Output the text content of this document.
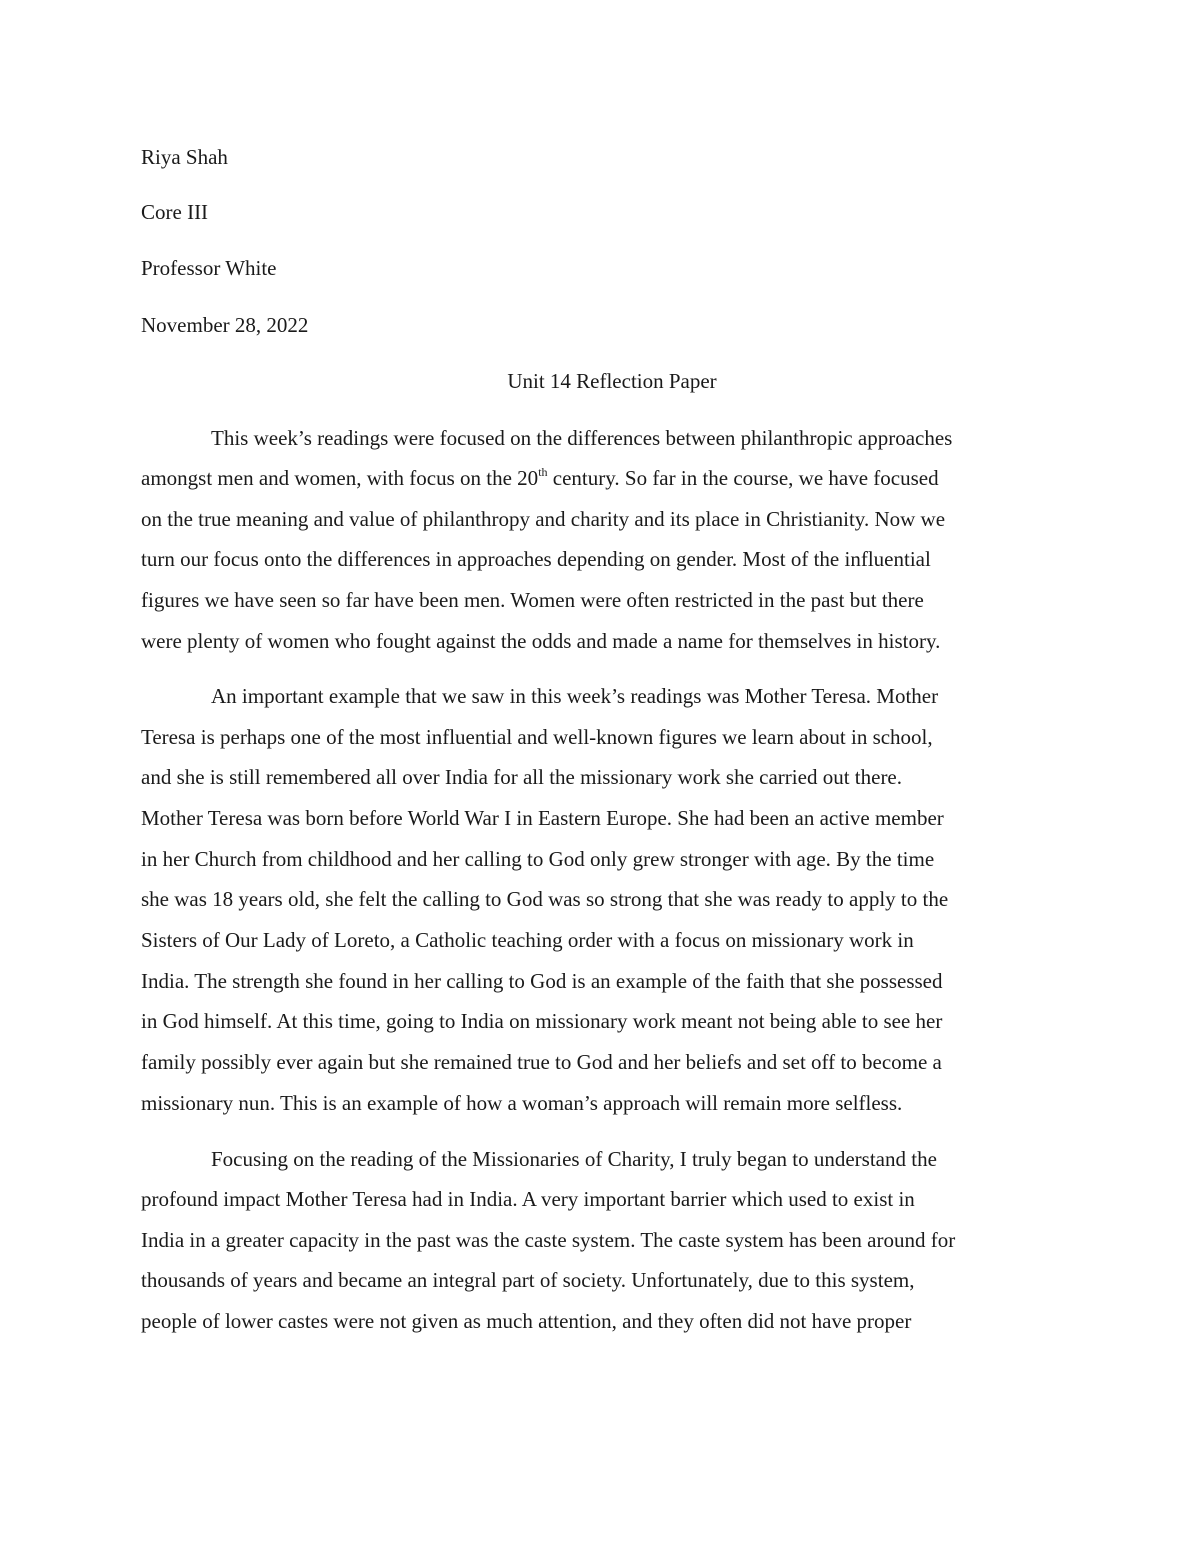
Riya Shah
Core III
Professor White
November 28, 2022
Unit 14 Reflection Paper
This week’s readings were focused on the differences between philanthropic approaches
amongst men and women, with focus on the 20th century. So far in the course, we have focused
on the true meaning and value of philanthropy and charity and its place in Christianity. Now we
turn our focus onto the differences in approaches depending on gender. Most of the influential
figures we have seen so far have been men. Women were often restricted in the past but there
were plenty of women who fought against the odds and made a name for themselves in history.
An important example that we saw in this week’s readings was Mother Teresa. Mother
Teresa is perhaps one of the most influential and well-known figures we learn about in school,
and she is still remembered all over India for all the missionary work she carried out there.
Mother Teresa was born before World War I in Eastern Europe. She had been an active member
in her Church from childhood and her calling to God only grew stronger with age. By the time
she was 18 years old, she felt the calling to God was so strong that she was ready to apply to the
Sisters of Our Lady of Loreto, a Catholic teaching order with a focus on missionary work in
India. The strength she found in her calling to God is an example of the faith that she possessed
in God himself. At this time, going to India on missionary work meant not being able to see her
family possibly ever again but she remained true to God and her beliefs and set off to become a
missionary nun. This is an example of how a woman’s approach will remain more selfless.
Focusing on the reading of the Missionaries of Charity, I truly began to understand the
profound impact Mother Teresa had in India. A very important barrier which used to exist in
India in a greater capacity in the past was the caste system. The caste system has been around for
thousands of years and became an integral part of society. Unfortunately, due to this system,
people of lower castes were not given as much attention, and they often did not have proper
